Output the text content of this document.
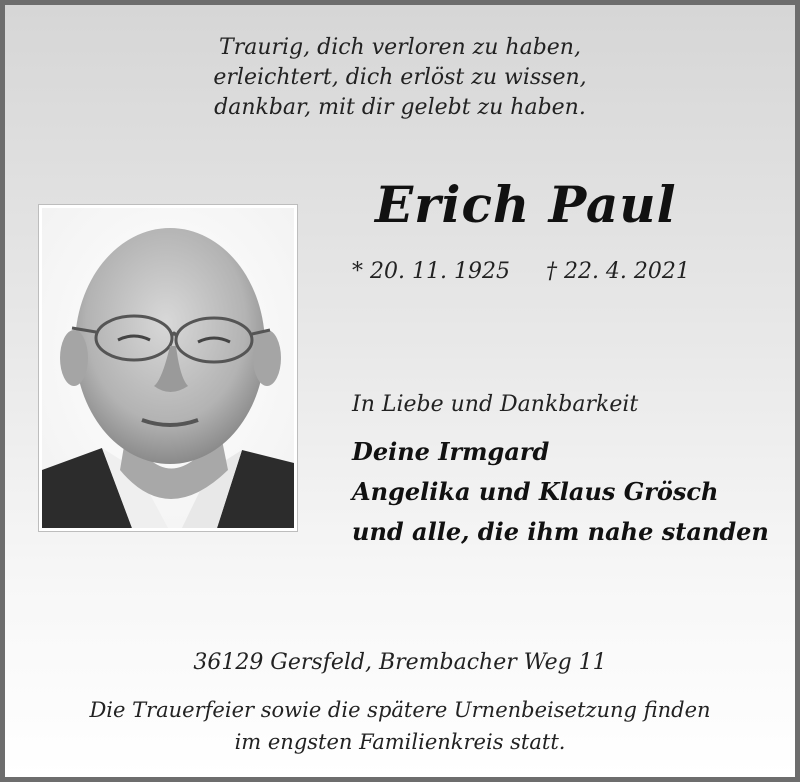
Traurig, dich verloren zu haben,
erleichtert, dich erlöst zu wissen,
dankbar, mit dir gelebt zu haben.
Erich Paul
* 20. 11. 1925 † 22. 4. 2021
In Liebe und Dankbarkeit
Deine Irmgard
Angelika und Klaus Grösch
und alle, die ihm nahe standen
36129 Gersfeld, Brembacher Weg 11
Die Trauerfeier sowie die spätere Urnenbeisetzung finden
im engsten Familienkreis statt.
